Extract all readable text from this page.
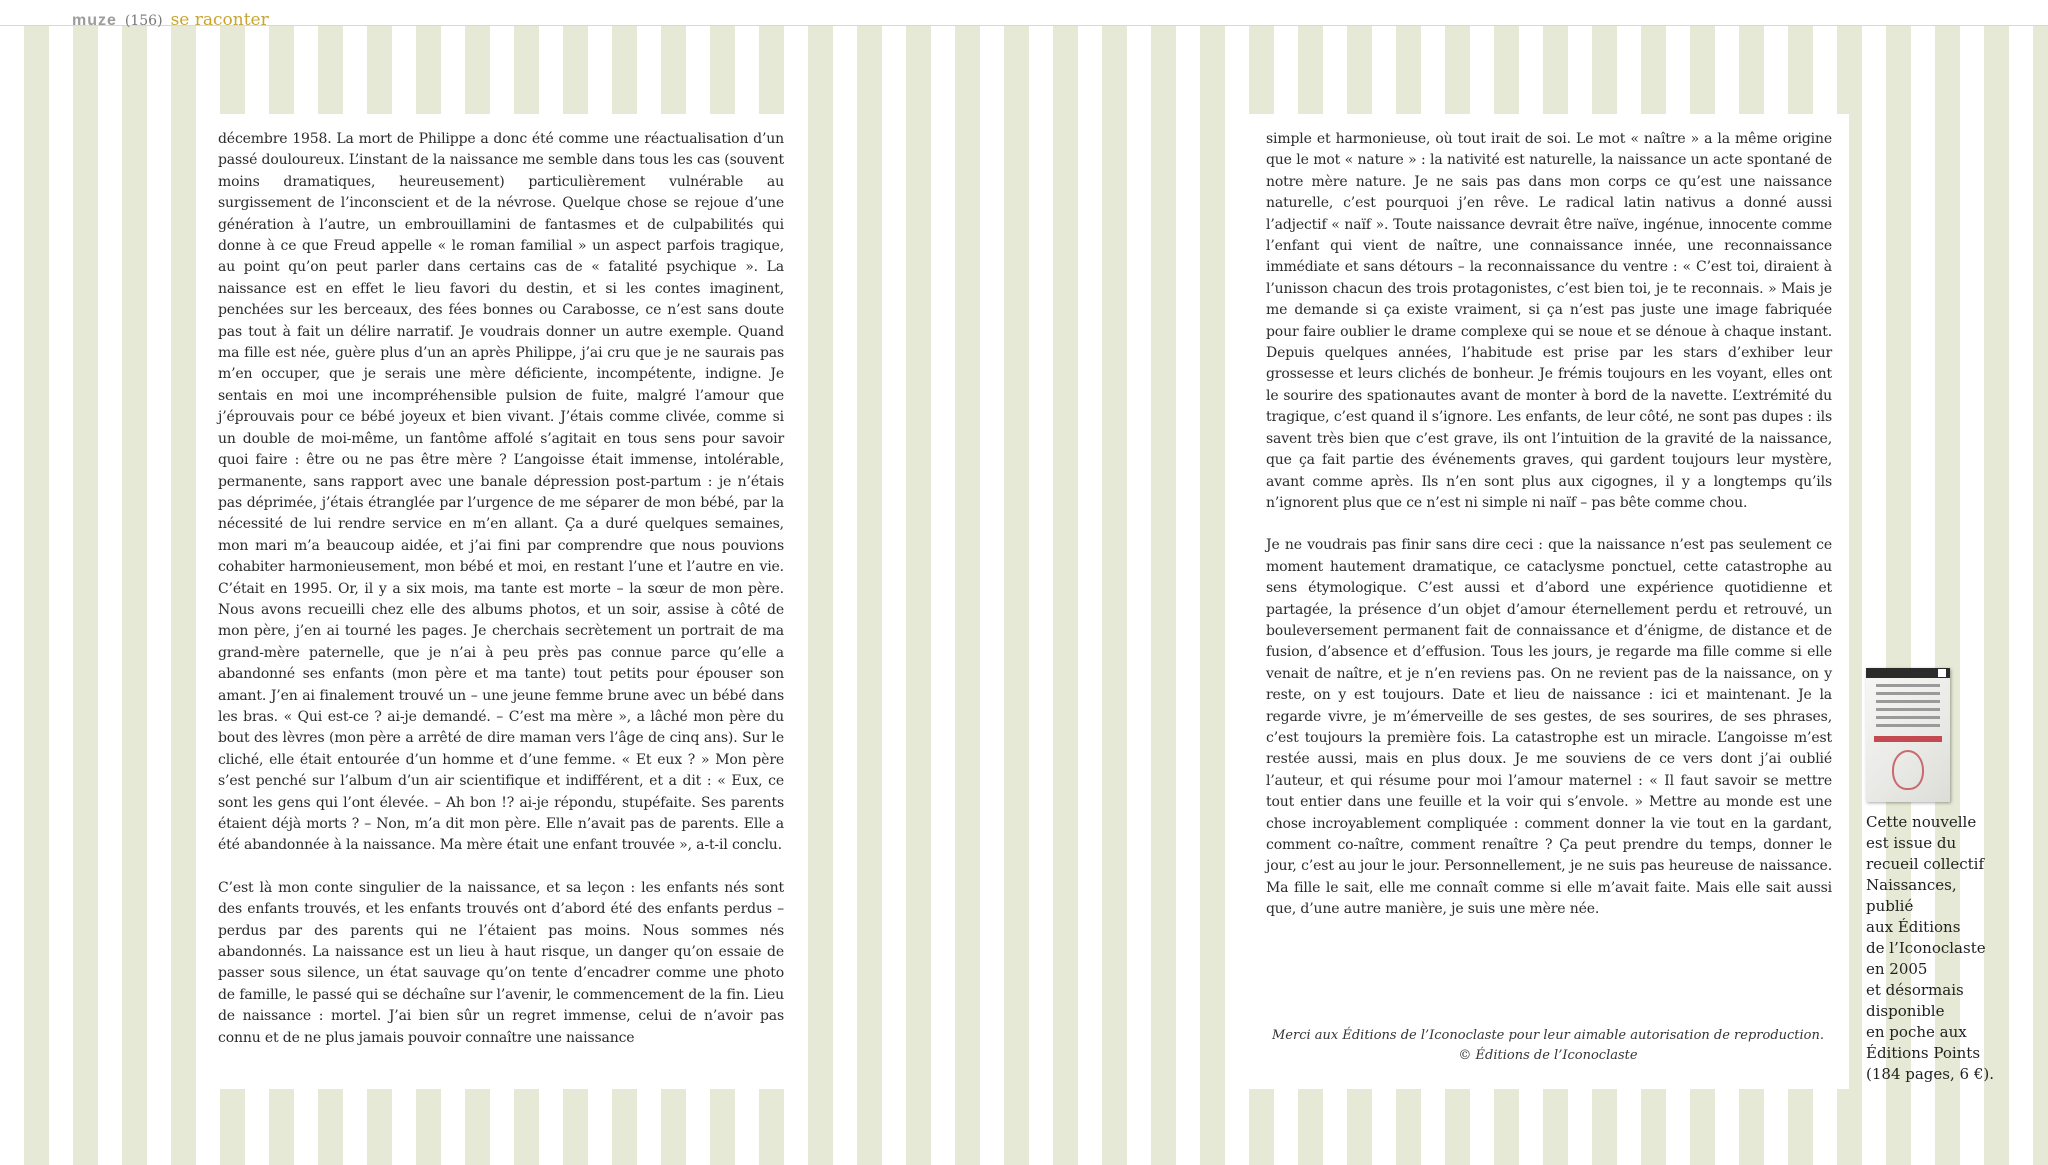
muze (156) se raconter

décembre 1958. La mort de Philippe a donc été comme une réactualisation d’un passé douloureux. L’instant de la naissance me semble dans tous les cas (souvent moins dramatiques, heureusement) particulièrement vulnérable au surgissement de l’inconscient et de la névrose. Quelque chose se rejoue d’une génération à l’autre, un embrouillamini de fantasmes et de culpabilités qui donne à ce que Freud appelle « le roman familial » un aspect parfois tragique, au point qu’on peut parler dans certains cas de « fatalité psychique ». La naissance est en effet le lieu favori du destin, et si les contes imaginent, penchées sur les berceaux, des fées bonnes ou Carabosse, ce n’est sans doute pas tout à fait un délire narratif. Je voudrais donner un autre exemple. Quand ma fille est née, guère plus d’un an après Philippe, j’ai cru que je ne saurais pas m’en occuper, que je serais une mère déficiente, incompétente, indigne. Je sentais en moi une incompréhensible pulsion de fuite, malgré l’amour que j’éprouvais pour ce bébé joyeux et bien vivant. J’étais comme clivée, comme si un double de moi-même, un fantôme affolé s’agitait en tous sens pour savoir quoi faire : être ou ne pas être mère ? L’angoisse était immense, intolérable, permanente, sans rapport avec une banale dépression post-partum : je n’étais pas déprimée, j’étais étranglée par l’urgence de me séparer de mon bébé, par la nécessité de lui rendre service en m’en allant. Ça a duré quelques semaines, mon mari m’a beaucoup aidée, et j’ai fini par comprendre que nous pouvions cohabiter harmonieusement, mon bébé et moi, en restant l’une et l’autre en vie. C’était en 1995. Or, il y a six mois, ma tante est morte – la sœur de mon père. Nous avons recueilli chez elle des albums photos, et un soir, assise à côté de mon père, j’en ai tourné les pages. Je cherchais secrètement un portrait de ma grand-mère paternelle, que je n’ai à peu près pas connue parce qu’elle a abandonné ses enfants (mon père et ma tante) tout petits pour épouser son amant. J’en ai finalement trouvé un – une jeune femme brune avec un bébé dans les bras. « Qui est-ce ? ai-je demandé. – C’est ma mère », a lâché mon père du bout des lèvres (mon père a arrêté de dire maman vers l’âge de cinq ans). Sur le cliché, elle était entourée d’un homme et d’une femme. « Et eux ? » Mon père s’est penché sur l’album d’un air scientifique et indifférent, et a dit : « Eux, ce sont les gens qui l’ont élevée. – Ah bon !? ai-je répondu, stupéfaite. Ses parents étaient déjà morts ? – Non, m’a dit mon père. Elle n’avait pas de parents. Elle a été abandonnée à la naissance. Ma mère était une enfant trouvée », a-t-il conclu.

C’est là mon conte singulier de la naissance, et sa leçon : les enfants nés sont des enfants trouvés, et les enfants trouvés ont d’abord été des enfants perdus – perdus par des parents qui ne l’étaient pas moins. Nous sommes nés abandonnés. La naissance est un lieu à haut risque, un danger qu’on essaie de passer sous silence, un état sauvage qu’on tente d’encadrer comme une photo de famille, le passé qui se déchaîne sur l’avenir, le commencement de la fin. Lieu de naissance : mortel. J’ai bien sûr un regret immense, celui de n’avoir pas connu et de ne plus jamais pouvoir connaître une naissance

simple et harmonieuse, où tout irait de soi. Le mot « naître » a la même origine que le mot « nature » : la nativité est naturelle, la naissance un acte spontané de notre mère nature. Je ne sais pas dans mon corps ce qu’est une naissance naturelle, c’est pourquoi j’en rêve. Le radical latin nativus a donné aussi l’adjectif « naïf ». Toute naissance devrait être naïve, ingénue, innocente comme l’enfant qui vient de naître, une connaissance innée, une reconnaissance immédiate et sans détours – la reconnaissance du ventre : « C’est toi, diraient à l’unisson chacun des trois protagonistes, c’est bien toi, je te reconnais. » Mais je me demande si ça existe vraiment, si ça n’est pas juste une image fabriquée pour faire oublier le drame complexe qui se noue et se dénoue à chaque instant. Depuis quelques années, l’habitude est prise par les stars d’exhiber leur grossesse et leurs clichés de bonheur. Je frémis toujours en les voyant, elles ont le sourire des spationautes avant de monter à bord de la navette. L’extrémité du tragique, c’est quand il s’ignore. Les enfants, de leur côté, ne sont pas dupes : ils savent très bien que c’est grave, ils ont l’intuition de la gravité de la naissance, que ça fait partie des événements graves, qui gardent toujours leur mystère, avant comme après. Ils n’en sont plus aux cigognes, il y a longtemps qu’ils n’ignorent plus que ce n’est ni simple ni naïf – pas bête comme chou.

Je ne voudrais pas finir sans dire ceci : que la naissance n’est pas seulement ce moment hautement dramatique, ce cataclysme ponctuel, cette catastrophe au sens étymologique. C’est aussi et d’abord une expérience quotidienne et partagée, la présence d’un objet d’amour éternellement perdu et retrouvé, un bouleversement permanent fait de connaissance et d’énigme, de distance et de fusion, d’absence et d’effusion. Tous les jours, je regarde ma fille comme si elle venait de naître, et je n’en reviens pas. On ne revient pas de la naissance, on y reste, on y est toujours. Date et lieu de naissance : ici et maintenant. Je la regarde vivre, je m’émerveille de ses gestes, de ses sourires, de ses phrases, c’est toujours la première fois. La catastrophe est un miracle. L’angoisse m’est restée aussi, mais en plus doux. Je me souviens de ce vers dont j’ai oublié l’auteur, et qui résume pour moi l’amour maternel : « Il faut savoir se mettre tout entier dans une feuille et la voir qui s’envole. » Mettre au monde est une chose incroyablement compliquée : comment donner la vie tout en la gardant, comment co-naître, comment renaître ? Ça peut prendre du temps, donner le jour, c’est au jour le jour. Personnellement, je ne suis pas heureuse de naissance. Ma fille le sait, elle me connaît comme si elle m’avait faite. Mais elle sait aussi que, d’une autre manière, je suis une mère née.

Merci aux Éditions de l’Iconoclaste pour leur aimable autorisation de reproduction.
© Éditions de l’Iconoclaste

Cette nouvelle
est issue du
recueil collectif
Naissances, publié
aux Éditions
de l’Iconoclaste
en 2005
et désormais
disponible
en poche aux
Éditions Points
(184 pages, 6 €).
